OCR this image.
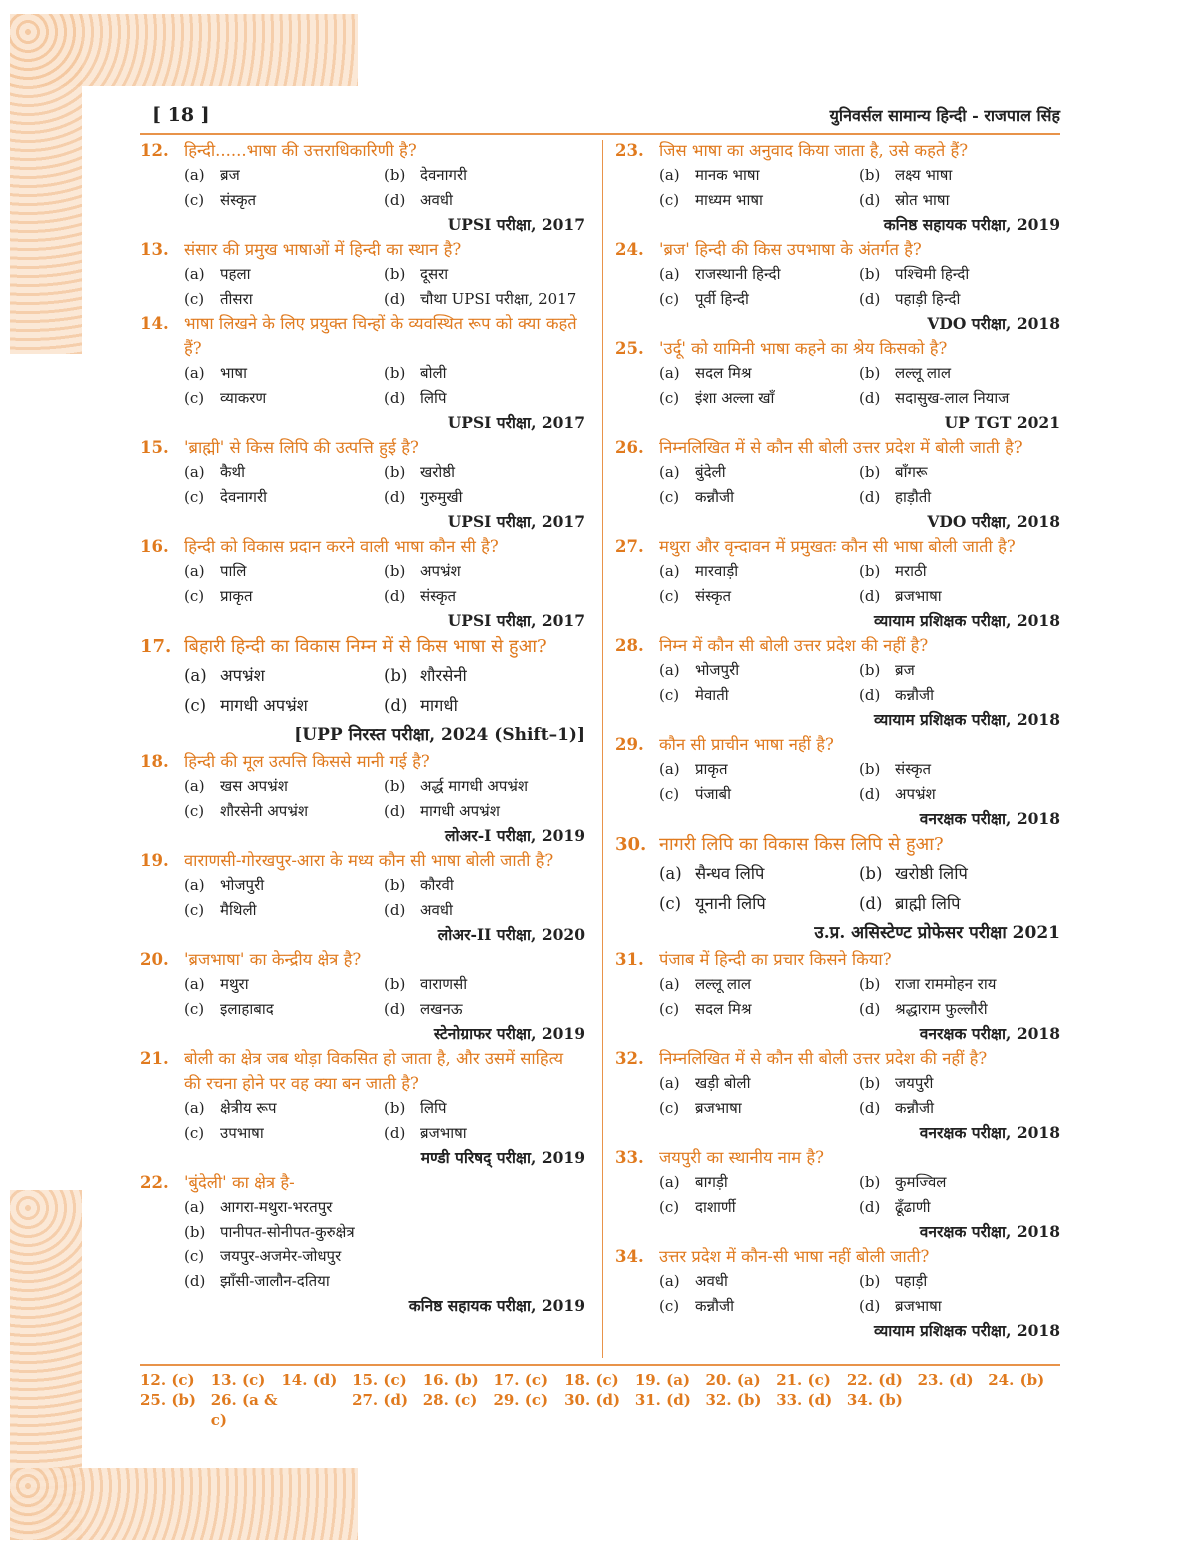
[ 18 ]	युनिवर्सल सामान्य हिन्दी - राजपाल सिंह
12. हिन्दी......भाषा की उत्तराधिकारिणी है?
(a)	ब्रज	(b) देवनागरी
(c)	संस्कृत	(d) अवधी
UPSI परीक्षा, 2017
13. संसार की प्रमुख भाषाओं में हिन्दी का स्थान है?
(a)	पहला	(b) दूसरा
(c)	तीसरा	(d) चौथा UPSI परीक्षा, 2017
14. भाषा लिखने के लिए प्रयुक्त चिन्हों के व्यवस्थित रूप को क्या कहते हैं?
(a)	भाषा	(b) बोली
(c)	व्याकरण	(d) लिपि
UPSI परीक्षा, 2017
15. 'ब्राह्मी' से किस लिपि की उत्पत्ति हुई है?
(a)	कैथी	(b) खरोष्ठी
(c)	देवनागरी	(d) गुरुमुखी
UPSI परीक्षा, 2017
16. हिन्दी को विकास प्रदान करने वाली भाषा कौन सी है?
(a)	पालि	(b) अपभ्रंश
(c)	प्राकृत	(d) संस्कृत
UPSI परीक्षा, 2017
17. बिहारी हिन्दी का विकास निम्न में से किस भाषा से हुआ?
(a) अपभ्रंश	(b) शौरसेनी
(c) मागधी अपभ्रंश	(d) मागधी
[UPP निरस्त परीक्षा, 2024 (Shift–1)]
18. हिन्दी की मूल उत्पत्ति किससे मानी गई है?
(a)	खस अपभ्रंश	(b) अर्द्ध मागधी अपभ्रंश
(c)	शौरसेनी अपभ्रंश	(d) मागधी अपभ्रंश
लोअर-I परीक्षा, 2019
19. वाराणसी-गोरखपुर-आरा के मध्य कौन सी भाषा बोली जाती है?
(a)	भोजपुरी	(b) कौरवी
(c)	मैथिली	(d) अवधी
लोअर-II परीक्षा, 2020
20. 'ब्रजभाषा' का केन्द्रीय क्षेत्र है?
(a)	मथुरा	(b) वाराणसी
(c)	इलाहाबाद	(d) लखनऊ
स्टेनोग्राफर परीक्षा, 2019
21. बोली का क्षेत्र जब थोड़ा विकसित हो जाता है, और उसमें साहित्य की रचना होने पर वह क्या बन जाती है?
(a)	क्षेत्रीय रूप	(b) लिपि
(c)	उपभाषा	(d) ब्रजभाषा
मण्डी परिषद् परीक्षा, 2019
22. 'बुंदेली' का क्षेत्र है-
(a)	आगरा-मथुरा-भरतपुर
(b) पानीपत-सोनीपत-कुरुक्षेत्र
(c)	जयपुर-अजमेर-जोधपुर
(d) झाँसी-जालौन-दतिया
कनिष्ठ सहायक परीक्षा, 2019
23. जिस भाषा का अनुवाद किया जाता है, उसे कहते हैं?
(a)	मानक भाषा	(b) लक्ष्य भाषा
(c)	माध्यम भाषा	(d) स्रोत भाषा
कनिष्ठ सहायक परीक्षा, 2019
24. 'ब्रज' हिन्दी की किस उपभाषा के अंतर्गत है?
(a)	राजस्थानी हिन्दी	(b) पश्चिमी हिन्दी
(c)	पूर्वी हिन्दी	(d) पहाड़ी हिन्दी
VDO परीक्षा, 2018
25. 'उर्दू' को यामिनी भाषा कहने का श्रेय किसको है?
(a)	सदल मिश्र	(b) लल्लू लाल
(c)	इंशा अल्ला खाँ	(d) सदासुख-लाल नियाज
UP TGT 2021
26. निम्नलिखित में से कौन सी बोली उत्तर प्रदेश में बोली जाती है?
(a)	बुंदेली	(b) बाँगरू
(c)	कन्नौजी	(d) हाड़ौती
VDO परीक्षा, 2018
27. मथुरा और वृन्दावन में प्रमुखतः कौन सी भाषा बोली जाती है?
(a)	मारवाड़ी	(b) मराठी
(c)	संस्कृत	(d) ब्रजभाषा
व्यायाम प्रशिक्षक परीक्षा, 2018
28. निम्न में कौन सी बोली उत्तर प्रदेश की नहीं है?
(a)	भोजपुरी	(b) ब्रज
(c)	मेवाती	(d) कन्नौजी
व्यायाम प्रशिक्षक परीक्षा, 2018
29. कौन सी प्राचीन भाषा नहीं है?
(a)	प्राकृत	(b) संस्कृत
(c)	पंजाबी	(d) अपभ्रंश
वनरक्षक परीक्षा, 2018
30. नागरी लिपि का विकास किस लिपि से हुआ?
(a) सैन्धव लिपि	(b) खरोष्ठी लिपि
(c) यूनानी लिपि	(d) ब्राह्मी लिपि
उ.प्र. असिस्टेण्ट प्रोफेसर परीक्षा 2021
31. पंजाब में हिन्दी का प्रचार किसने किया?
(a)	लल्लू लाल	(b) राजा राममोहन राय
(c)	सदल मिश्र	(d) श्रद्धाराम फुल्लौरी
वनरक्षक परीक्षा, 2018
32. निम्नलिखित में से कौन सी बोली उत्तर प्रदेश की नहीं है?
(a)	खड़ी बोली	(b) जयपुरी
(c)	ब्रजभाषा	(d) कन्नौजी
वनरक्षक परीक्षा, 2018
33. जयपुरी का स्थानीय नाम है?
(a)	बागड़ी	(b) कुमज्विल
(c)	दाशार्णी	(d) ढूँढाणी
वनरक्षक परीक्षा, 2018
34. उत्तर प्रदेश में कौन-सी भाषा नहीं बोली जाती?
(a)	अवधी	(b) पहाड़ी
(c)	कन्नौजी	(d) ब्रजभाषा
व्यायाम प्रशिक्षक परीक्षा, 2018
12. (c)	13. (c)	14. (d) 15. (c)	16. (b) 17. (c)	18. (c)	19. (a)	20. (a)	21. (c)	22. (d) 23. (d) 24. (b)
25. (b) 26. (a & c)
27. (d) 28. (c)	29. (c)	30. (d) 31. (d) 32. (b) 33. (d) 34. (b)
